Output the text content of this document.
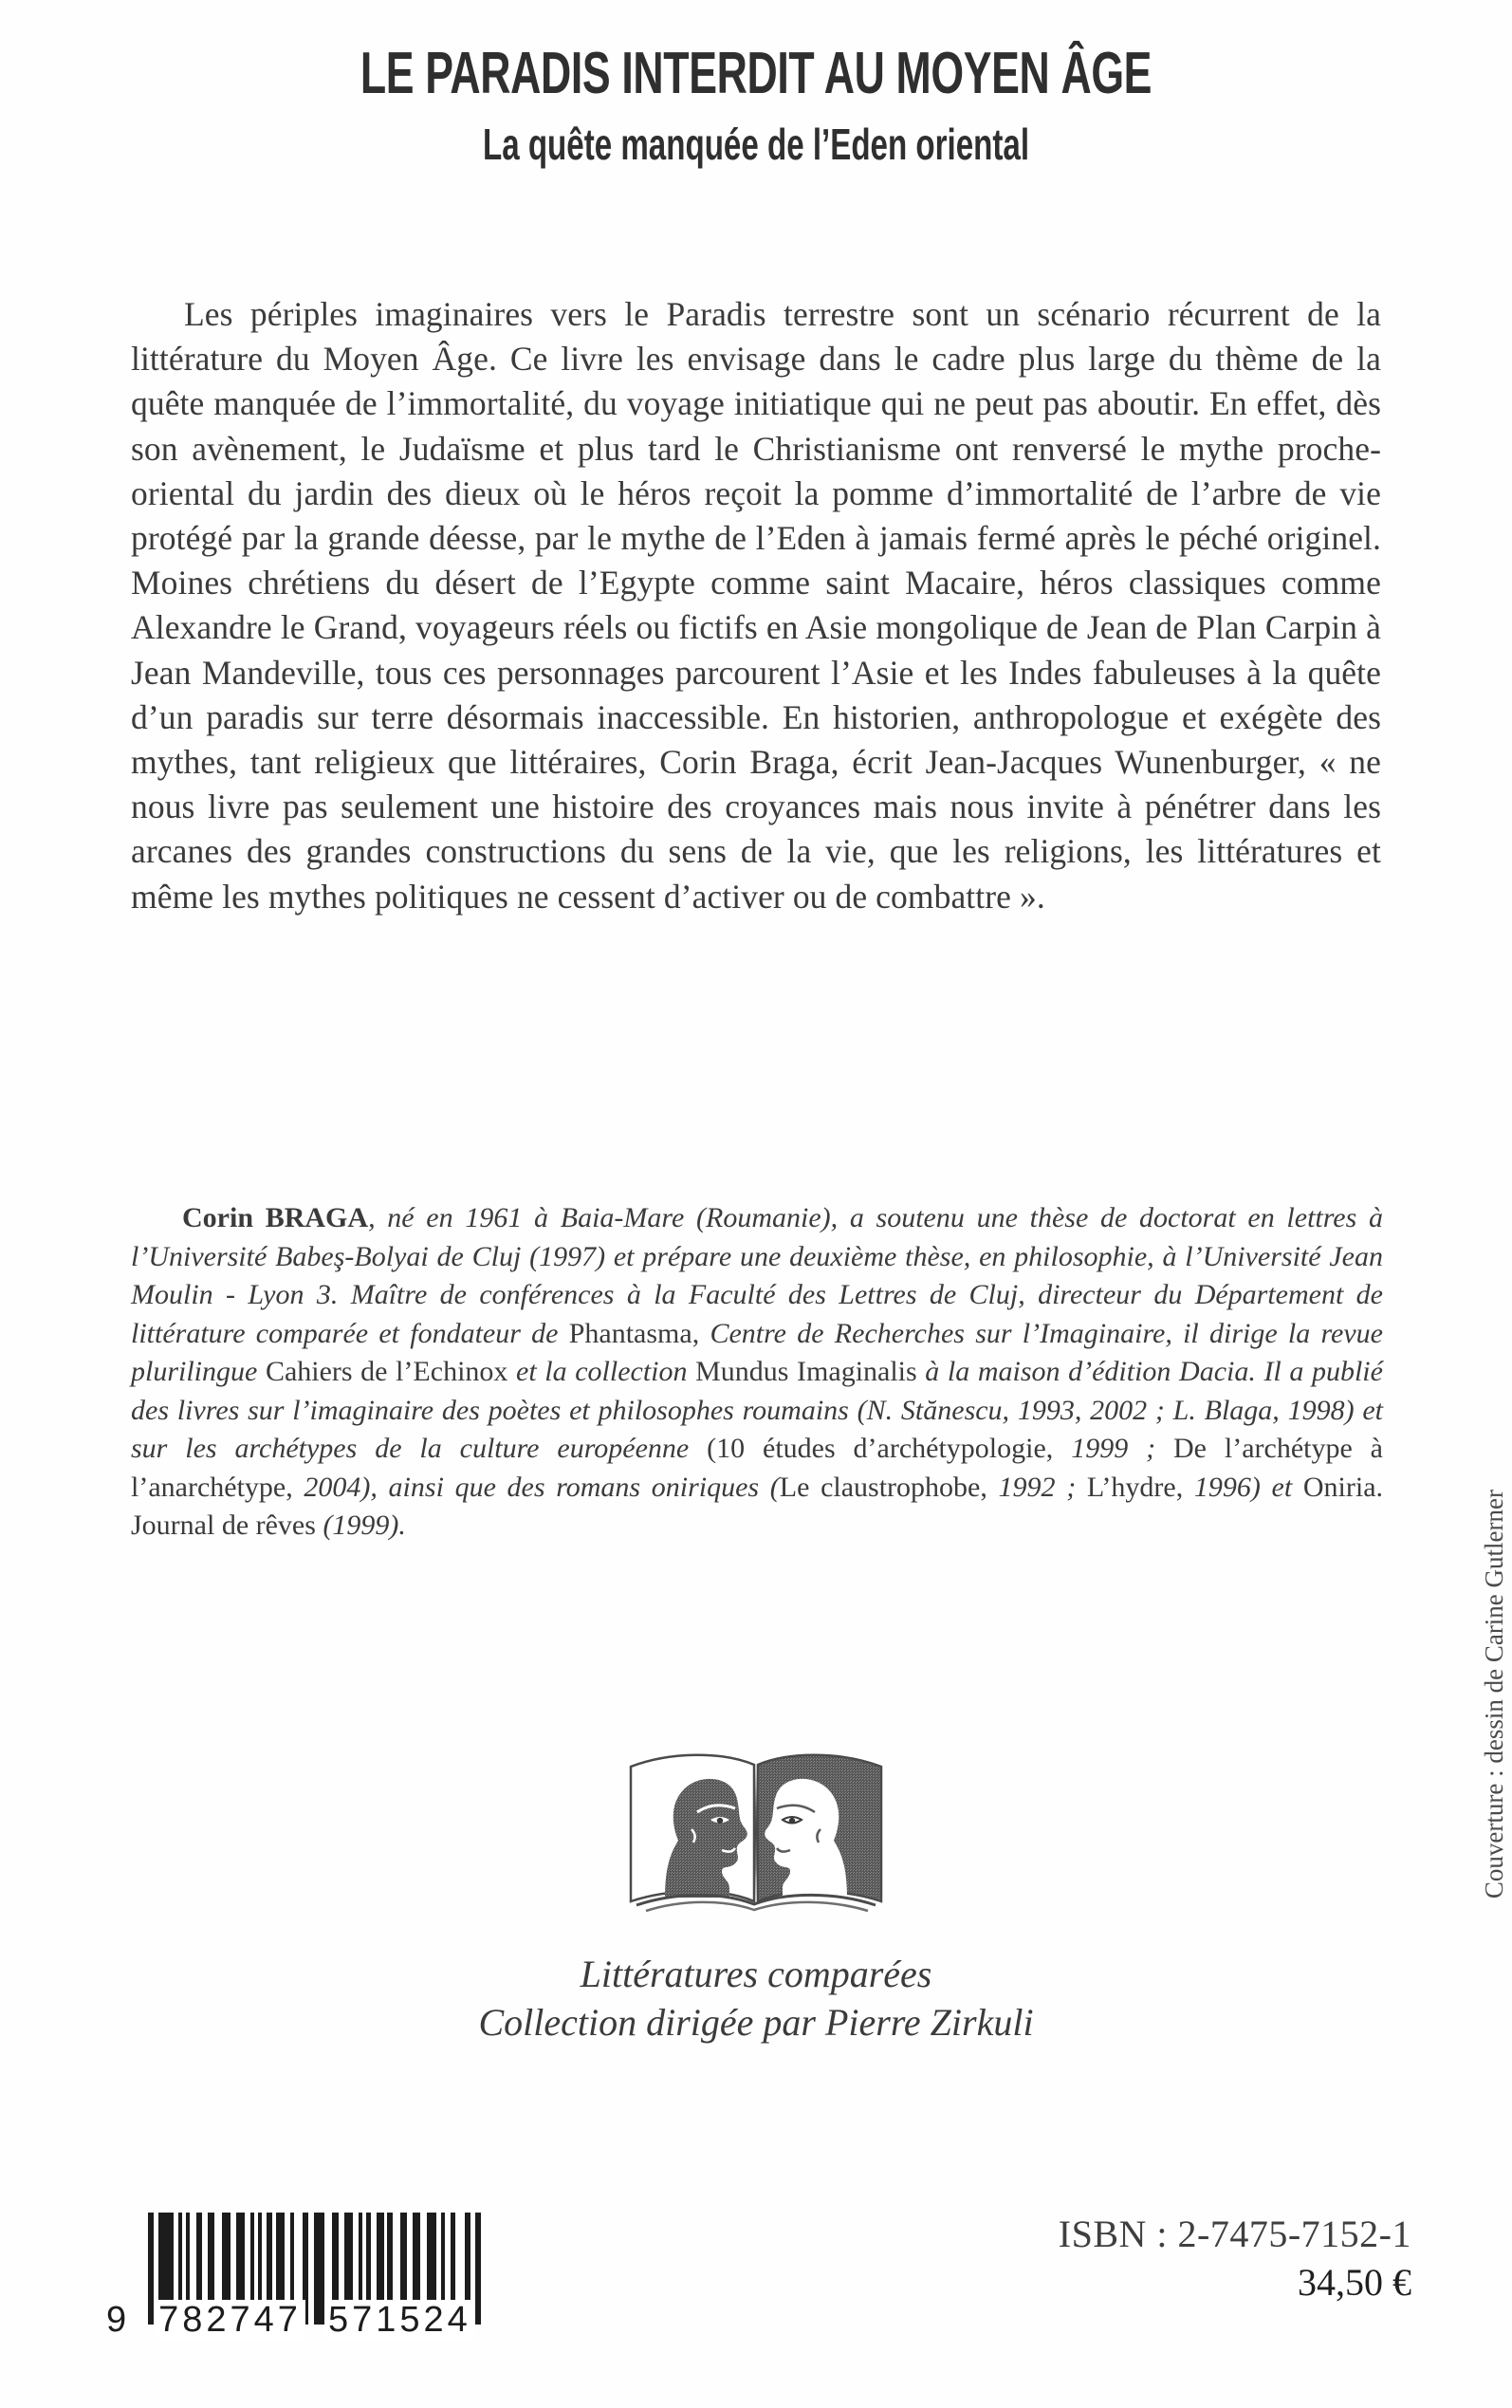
LE PARADIS INTERDIT AU MOYEN ÂGE
La quête manquée de l’Eden oriental
Les périples imaginaires vers le Paradis terrestre sont un scénario récurrent de la littérature du Moyen Âge. Ce livre les envisage dans le cadre plus large du thème de la quête manquée de l’immortalité, du voyage initiatique qui ne peut pas aboutir. En effet, dès son avènement, le Judaïsme et plus tard le Christianisme ont renversé le mythe proche-oriental du jardin des dieux où le héros reçoit la pomme d’immortalité de l’arbre de vie protégé par la grande déesse, par le mythe de l’Eden à jamais fermé après le péché originel. Moines chrétiens du désert de l’Egypte comme saint Macaire, héros classiques comme Alexandre le Grand, voyageurs réels ou fictifs en Asie mongolique de Jean de Plan Carpin à Jean Mandeville, tous ces personnages parcourent l’Asie et les Indes fabuleuses à la quête d’un paradis sur terre désormais inaccessible. En historien, anthropologue et exégète des mythes, tant religieux que littéraires, Corin Braga, écrit Jean-Jacques Wunenburger, « ne nous livre pas seulement une histoire des croyances mais nous invite à pénétrer dans les arcanes des grandes constructions du sens de la vie, que les religions, les littératures et même les mythes politiques ne cessent d’activer ou de combattre ».
Corin BRAGA, né en 1961 à Baia-Mare (Roumanie), a soutenu une thèse de doctorat en lettres à l’Université Babeş-Bolyai de Cluj (1997) et prépare une deuxième thèse, en philosophie, à l’Université Jean Moulin - Lyon 3. Maître de conférences à la Faculté des Lettres de Cluj, directeur du Département de littérature comparée et fondateur de Phantasma, Centre de Recherches sur l’Imaginaire, il dirige la revue plurilingue Cahiers de l’Echinox et la collection Mundus Imaginalis à la maison d’édition Dacia. Il a publié des livres sur l’imaginaire des poètes et philosophes roumains (N. Stănescu, 1993, 2002 ; L. Blaga, 1998) et sur les archétypes de la culture européenne (10 études d’archétypologie, 1999 ; De l’archétype à l’anarchétype, 2004), ainsi que des romans oniriques (Le claustrophobe, 1992 ; L’hydre, 1996) et Oniria. Journal de rêves (1999).
Littératures comparées
Collection dirigée par Pierre Zirkuli
Couverture : dessin de Carine Gutlerner
9 782747 571524
ISBN : 2-7475-7152-1
34,50 €
